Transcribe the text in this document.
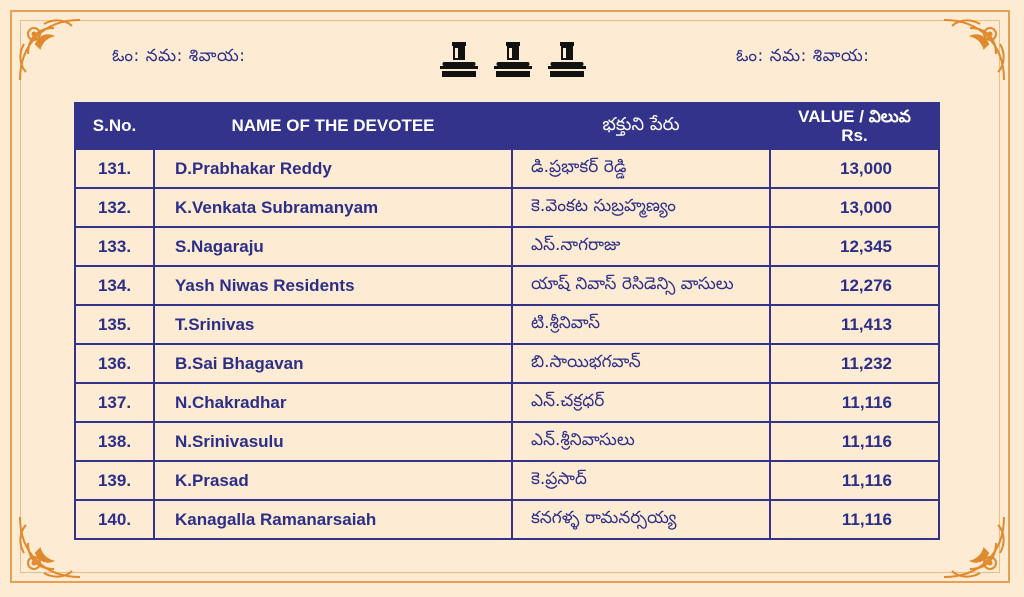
ఓం: నమ: శివాయ:	ఓం: నమ: శివాయ:
S.No.	NAME OF THE DEVOTEE	భక్తుని పేరు	VALUE / విలువ
Rs.

131.	D.Prabhakar Reddy	డి.ప్రభాకర్ రెడ్డి	13,000
132.	K.Venkata Subramanyam	కె.వెంకట సుబ్రహ్మణ్యం	13,000
133.	S.Nagaraju	ఎస్.నాగరాజు	12,345
134.	Yash Niwas Residents	యాష్ నివాస్ రెసిడెన్సి వాసులు	12,276
135.	T.Srinivas	టి.శ్రీనివాస్	11,413
136.	B.Sai Bhagavan	బి.సాయిభగవాన్	11,232
137.	N.Chakradhar	ఎన్.చక్రధర్	11,116
138.	N.Srinivasulu	ఎన్.శ్రీనివాసులు	11,116
139.	K.Prasad	కె.ప్రసాద్	11,116
140.	Kanagalla Ramanarsaiah	కనగళ్ళ రామనర్సయ్య	11,116
